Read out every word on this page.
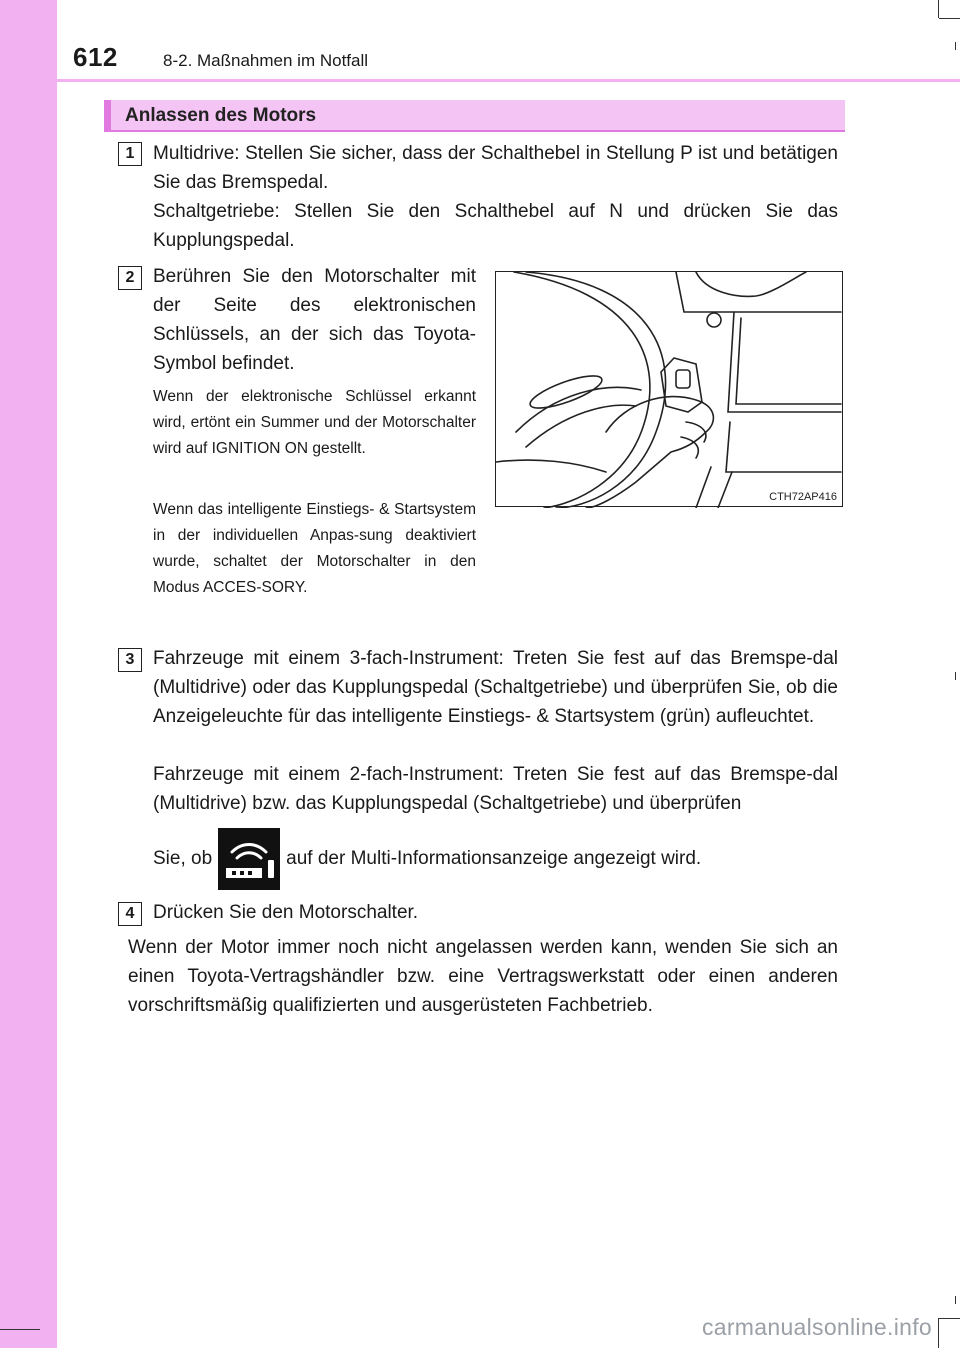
612	8-2. Maßnahmen im Notfall
Anlassen des Motors
1 Multidrive: Stellen Sie sicher, dass der Schalthebel in Stellung P ist und betätigen Sie das Bremspedal.
Schaltgetriebe: Stellen Sie den Schalthebel auf N und drücken Sie das Kupplungspedal.
2 Berühren Sie den Motorschalter mit der Seite des elektronischen Schlüssels, an der sich das Toyota-Symbol befindet.
Wenn der elektronische Schlüssel erkannt wird, ertönt ein Summer und der Motorschalter wird auf IGNITION ON gestellt.
Wenn das intelligente Einstiegs- & Startsystem in der individuellen Anpas-sung deaktiviert wurde, schaltet der Motorschalter in den Modus ACCES-SORY.
CTH72AP416
3 Fahrzeuge mit einem 3-fach-Instrument: Treten Sie fest auf das Bremspe-dal (Multidrive) oder das Kupplungspedal (Schaltgetriebe) und überprüfen Sie, ob die Anzeigeleuchte für das intelligente Einstiegs- & Startsystem (grün) aufleuchtet.
Fahrzeuge mit einem 2-fach-Instrument: Treten Sie fest auf das Bremspe-dal (Multidrive) bzw. das Kupplungspedal (Schaltgetriebe) und überprüfen
Sie, ob	auf der Multi-Informationsanzeige angezeigt wird.
4 Drücken Sie den Motorschalter.
Wenn der Motor immer noch nicht angelassen werden kann, wenden Sie sich an einen Toyota-Vertragshändler bzw. eine Vertragswerkstatt oder einen anderen vorschriftsmäßig qualifizierten und ausgerüsteten Fachbetrieb.
carmanualsonline.info
